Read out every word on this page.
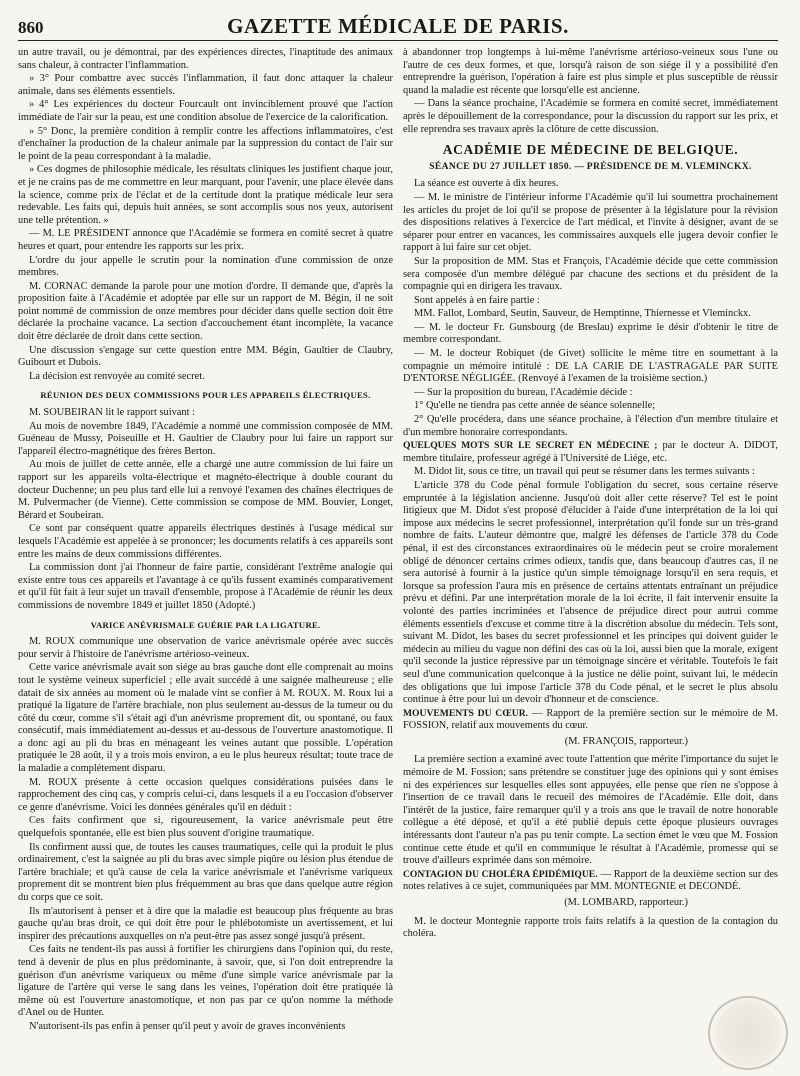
860	GAZETTE MÉDICALE DE PARIS.

un autre travail, ou je démontrai, par des expériences directes, l'inaptitude des animaux sans chaleur, à contracter l'inflammation.

» 3° Pour combattre avec succès l'inflammation, il faut donc attaquer la chaleur animale, dans ses éléments essentiels.

» 4° Les expériences du docteur Fourcault ont invinciblement prouvé que l'action immédiate de l'air sur la peau, est une condition absolue de l'exercice de la calorification.

» 5° Donc, la première condition à remplir contre les affections inflammatoires, c'est d'enchaîner la production de la chaleur animale par la suppression du contact de l'air sur le point de la peau correspondant à la maladie.

» Ces dogmes de philosophie médicale, les résultats cliniques les justifient chaque jour, et je ne crains pas de me commettre en leur marquant, pour l'avenir, une place élevée dans la science, comme prix de l'éclat et de la certitude dont la pratique médicale leur sera redevable. Les faits qui, depuis huit années, se sont accomplis sous nos yeux, autorisent une telle prétention. »

— M. LE PRÉSIDENT annonce que l'Académie se formera en comité secret à quatre heures et quart, pour entendre les rapports sur les prix.

L'ordre du jour appelle le scrutin pour la nomination d'une commission de onze membres.

M. CORNAC demande la parole pour une motion d'ordre. Il demande que, d'après la proposition faite à l'Académie et adoptée par elle sur un rapport de M. Bégin, il ne soit point nommé de commission de onze membres pour décider dans quelle section doit être déclarée la prochaine vacance. La section d'accouchement étant incomplète, la vacance doit être déclarée de droit dans cette section.

Une discussion s'engage sur cette question entre MM. Bégin, Gaultier de Claubry, Guibourt et Dubois.

La décision est renvoyée au comité secret.

RÉUNION DES DEUX COMMISSIONS POUR LES APPAREILS ÉLECTRIQUES.

M. SOUBEIRAN lit le rapport suivant :

Au mois de novembre 1849, l'Académie a nommé une commission composée de MM. Guéneau de Mussy, Poiseuille et H. Gaultier de Claubry pour lui faire un rapport sur l'appareil électro-magnétique des frères Berton.

Au mois de juillet de cette année, elle a chargé une autre commission de lui faire un rapport sur les appareils volta-électrique et magnéto-électrique à double courant du docteur Duchenne; un peu plus tard elle lui a renvoyé l'examen des chaînes électriques de M. Pulvermacher (de Vienne). Cette commission se compose de MM. Bouvier, Longet, Bérard et Soubeiran.

Ce sont par conséquent quatre appareils électriques destinés à l'usage médical sur lesquels l'Académie est appelée à se prononcer; les documents relatifs à ces appareils sont entre les mains de deux commissions différentes.

La commission dont j'ai l'honneur de faire partie, considérant l'extrême analogie qui existe entre tous ces appareils et l'avantage à ce qu'ils fussent examinés comparativement et qu'il fût fait à leur sujet un travail d'ensemble, propose à l'Académie de réunir les deux commissions de novembre 1849 et juillet 1850 (Adopté.)

VARICE ANÉVRISMALE GUÉRIE PAR LA LIGATURE.

M. ROUX communique une observation de varice anévrismale opérée avec succès pour servir à l'histoire de l'anévrisme artérioso-veineux.

Cette varice anévrismale avait son siége au bras gauche dont elle comprenait au moins tout le système veineux superficiel ; elle avait succédé à une saignée malheureuse ; elle datait de six années au moment où le malade vint se confier à M. ROUX. M. Roux lui a pratiqué la ligature de l'artère brachiale, non plus seulement au-dessus de la tumeur ou du côté du cœur, comme s'il s'était agi d'un anévrisme proprement dit, ou spontané, ou faux consécutif, mais immédiatement au-dessus et au-dessous de l'ouverture anastomotique. Il a donc agi au pli du bras en ménageant les veines autant que possible. L'opération pratiquée le 28 août, il y a trois mois environ, a eu le plus heureux résultat; toute trace de la maladie a complétement disparu.

M. ROUX présente à cette occasion quelques considérations puisées dans le rapprochement des cinq cas, y compris celui-ci, dans lesquels il a eu l'occasion d'observer ce genre d'anévrisme. Voici les données générales qu'il en déduit :

Ces faits confirment que si, rigoureusement, la varice anévrismale peut être quelquefois spontanée, elle est bien plus souvent d'origine traumatique.

Ils confirment aussi que, de toutes les causes traumatiques, celle qui la produit le plus ordinairement, c'est la saignée au pli du bras avec simple piqûre ou lésion plus étendue de l'artère brachiale; et qu'à cause de cela la varice anévrismale et l'anévrisme variqueux proprement dit se montrent bien plus fréquemment au bras que dans quelque autre région du corps que ce soit.

Ils m'autorisent à penser et à dire que la maladie est beaucoup plus fréquente au bras gauche qu'au bras droit, ce qui doit être pour le phlébotomiste un avertissement, et lui inspirer des précautions auxquelles on n'a peut-être pas assez songé jusqu'à présent.

Ces faits ne tendent-ils pas aussi à fortifier les chirurgiens dans l'opinion qui, du reste, tend à devenir de plus en plus prédominante, à savoir, que, si l'on doit entreprendre la guérison d'un anévrisme variqueux ou même d'une simple varice anévrismale par la ligature de l'artère qui verse le sang dans les veines, l'opération doit être pratiquée là même où est l'ouverture anastomotique, et non pas par ce qu'on nomme la méthode d'Anel ou de Hunter.

N'autorisent-ils pas enfin à penser qu'il peut y avoir de graves inconvénients

à abandonner trop longtemps à lui-même l'anévrisme artérioso-veineux sous l'une ou l'autre de ces deux formes, et que, lorsqu'à raison de son siége il y a possibilité d'en entreprendre la guérison, l'opération à faire est plus simple et plus susceptible de réussir quand la maladie est récente que lorsqu'elle est ancienne.

— Dans la séance prochaine, l'Académie se formera en comité secret, immédiatement après le dépouillement de la correspondance, pour la discussion du rapport sur les prix, et elle reprendra ses travaux après la clôture de cette discussion.

ACADÉMIE DE MÉDECINE DE BELGIQUE.
SÉANCE DU 27 JUILLET 1850. — PRÉSIDENCE DE M. VLEMINCKX.

La séance est ouverte à dix heures.

— M. le ministre de l'intérieur informe l'Académie qu'il lui soumettra prochainement les articles du projet de loi qu'il se propose de présenter à la législature pour la révision des dispositions relatives à l'exercice de l'art médical, et l'invite à désigner, avant de se séparer pour entrer en vacances, les commissaires auxquels elle jugera devoir confier le rapport à lui faire sur cet objet.

Sur la proposition de MM. Stas et François, l'Académie décide que cette commission sera composée d'un membre délégué par chacune des sections et du président de la compagnie qui en dirigera les travaux.

Sont appelés à en faire partie :

MM. Fallot, Lombard, Seutin, Sauveur, de Hemptinne, Thiernesse et Vleminckx.

— M. le docteur Fr. Gunsbourg (de Breslau) exprime le désir d'obtenir le titre de membre correspondant.

— M. le docteur Robiquet (de Givet) sollicite le même titre en soumettant à la compagnie un mémoire intitulé : DE LA CARIE DE L'ASTRAGALE PAR SUITE D'ENTORSE NÉGLIGÉE. (Renvoyé à l'examen de la troisième section.)

— Sur la proposition du bureau, l'Académie décide :

1° Qu'elle ne tiendra pas cette année de séance solennelle;

2° Qu'elle procédera, dans une séance prochaine, à l'élection d'un membre titulaire et d'un membre honoraire correspondants.

QUELQUES MOTS SUR LE SECRET EN MÉDECINE ; par le docteur A. DIDOT, membre titulaire, professeur agrégé à l'Université de Liége, etc.

M. Didot lit, sous ce titre, un travail qui peut se résumer dans les termes suivants :

L'article 378 du Code pénal formule l'obligation du secret, sous certaine réserve empruntée à la législation ancienne. Jusqu'où doit aller cette réserve? Tel est le point litigieux que M. Didot s'est proposé d'élucider à l'aide d'une interprétation de la loi qui impose aux médecins le secret professionnel, interprétation qu'il fonde sur un très-grand nombre de faits. L'auteur démontre que, malgré les défenses de l'article 378 du Code pénal, il est des circonstances extraordinaires où le médecin peut se croire moralement obligé de dénoncer certains crimes odieux, tandis que, dans beaucoup d'autres cas, il ne sera autorisé à fournir à la justice qu'un simple témoignage lorsqu'il en sera requis, et lorsque sa profession l'aura mis en présence de certains attentats entraînant un préjudice prévu et défini. Par une interprétation morale de la loi écrite, il fait intervenir ensuite la volonté des parties incriminées et l'absence de préjudice direct pour autrui comme éléments essentiels d'excuse et comme titre à la discrétion absolue du médecin. Tels sont, suivant M. Didot, les bases du secret professionnel et les principes qui doivent guider le médecin au milieu du vague non défini des cas où la loi, aussi bien que la morale, exigent qu'il seconde la justice répressive par un témoignage sincère et véritable. Toutefois le fait seul d'une communication quelconque à la justice ne délie point, suivant lui, le médecin des obligations que lui impose l'article 378 du Code pénal, et le secret le plus absolu continue à être pour lui un devoir d'honneur et de conscience.

MOUVEMENTS DU CŒUR. — Rapport de la première section sur le mémoire de M. FOSSION, relatif aux mouvements du cœur.

(M. FRANÇOIS, rapporteur.)

La première section a examiné avec toute l'attention que mérite l'importance du sujet le mémoire de M. Fossion; sans prétendre se constituer juge des opinions qui y sont émises ni des expériences sur lesquelles elles sont appuyées, elle pense que rien ne s'oppose à l'insertion de ce travail dans le recueil des mémoires de l'Académie. Elle doit, dans l'intérêt de la justice, faire remarquer qu'il y a trois ans que le travail de notre honorable collègue a été déposé, et qu'il a été publié depuis cette époque plusieurs ouvrages intéressants dont l'auteur n'a pas pu tenir compte. La section émet le vœu que M. Fossion continue cette étude et qu'il en communique le résultat à l'Académie, promesse qui se trouve d'ailleurs exprimée dans son mémoire.

CONTAGION DU CHOLÉRA ÉPIDÉMIQUE. — Rapport de la deuxième section sur des notes relatives à ce sujet, communiquées par MM. MONTEGNIE et DECONDÉ.

(M. LOMBARD, rapporteur.)

M. le docteur Montegnie rapporte trois faits relatifs à la question de la contagion du choléra.
